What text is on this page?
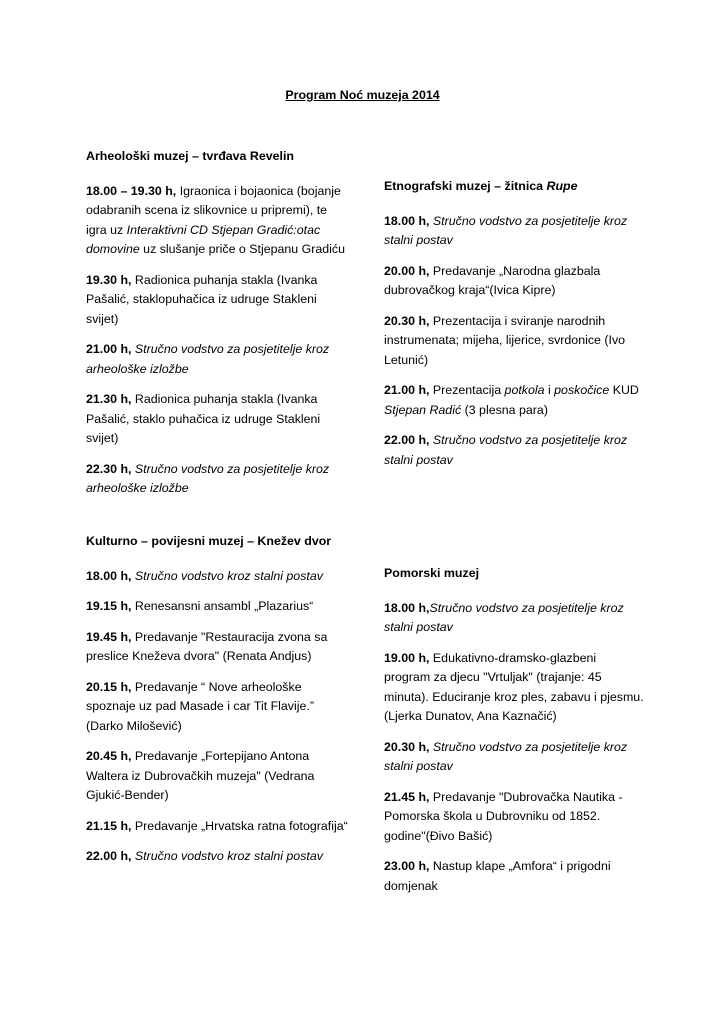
Program Noć muzeja 2014

Arheološki muzej – tvrđava Revelin

18.00 – 19.30 h, Igraonica i bojaonica (bojanje odabranih scena iz slikovnice u pripremi), te igra uz Interaktivni CD Stjepan Gradić:otac domovine uz slušanje priče o Stjepanu Gradiću

19.30 h, Radionica puhanja stakla (Ivanka Pašalić, staklopuhačica iz udruge Stakleni svijet)

21.00 h, Stručno vodstvo za posjetitelje kroz arheološke izložbe

21.30 h, Radionica puhanja stakla (Ivanka Pašalić, staklo puhačica iz udruge Stakleni svijet)

22.30 h, Stručno vodstvo za posjetitelje kroz arheološke izložbe

Etnografski muzej – žitnica Rupe

18.00 h, Stručno vodstvo za posjetitelje kroz stalni postav

20.00 h, Predavanje „Narodna glazbala dubrovačkog kraja“(Ivica Kipre)

20.30 h, Prezentacija i sviranje narodnih instrumenata; mijeha, lijerice, svrdonice (Ivo Letunić)

21.00 h, Prezentacija potkola i poskočice KUD Stjepan Radić (3 plesna para)

22.00 h, Stručno vodstvo za posjetitelje kroz stalni postav

Kulturno – povijesni muzej – Knežev dvor

18.00 h, Stručno vodstvo kroz stalni postav

19.15 h, Renesansni ansambl „Plazarius“

19.45 h, Predavanje "Restauracija zvona sa preslice Kneževa dvora" (Renata Andjus)

20.15 h, Predavanje “ Nove arheološke spoznaje uz pad Masade i car Tit Flavije.” (Darko Milošević)

20.45 h, Predavanje „Fortepijano Antona Waltera iz Dubrovačkih muzeja" (Vedrana Gjukić-Bender)

21.15 h, Predavanje „Hrvatska ratna fotografija“

22.00 h, Stručno vodstvo kroz stalni postav

Pomorski muzej

18.00 h,Stručno vodstvo za posjetitelje kroz stalni postav

19.00 h, Edukativno-dramsko-glazbeni program za djecu "Vrtuljak" (trajanje: 45 minuta). Educiranje kroz ples, zabavu i pjesmu. (Ljerka Dunatov, Ana Kaznačić)

20.30 h, Stručno vodstvo za posjetitelje kroz stalni postav

21.45 h, Predavanje "Dubrovačka Nautika - Pomorska škola u Dubrovniku od 1852. godine"(Đivo Bašić)

23.00 h, Nastup klape „Amfora“ i prigodni domjenak
